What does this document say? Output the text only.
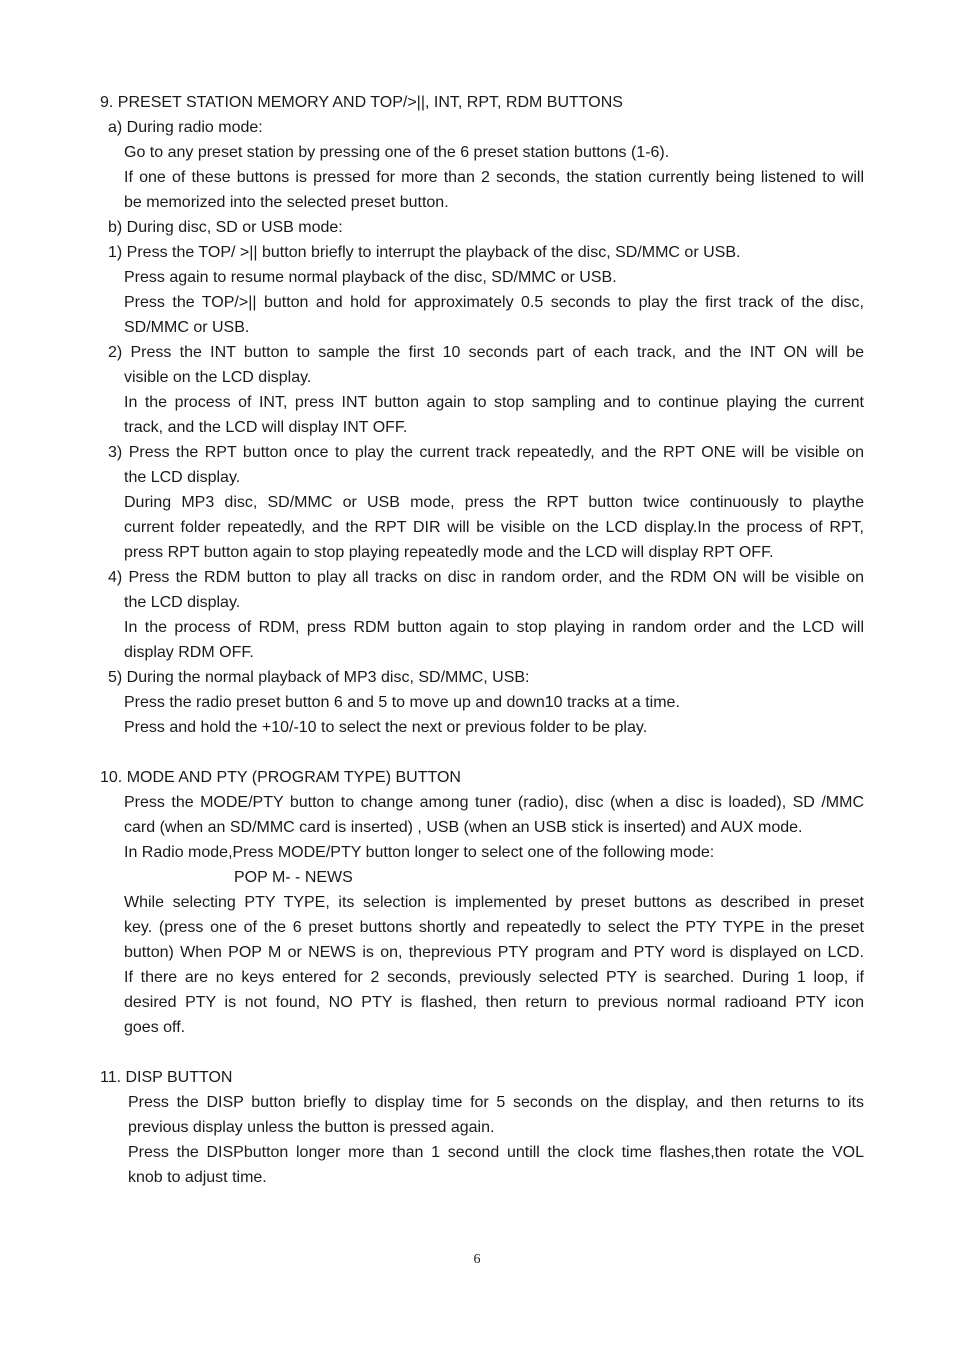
9. PRESET STATION MEMORY AND TOP/>||, INT, RPT, RDM BUTTONS
a) During radio mode:
Go to any preset station by pressing one of the 6 preset station buttons (1-6).
If one of these buttons is pressed for more than 2 seconds, the station currently being listened to will
be memorized into the selected preset button.
b) During disc, SD or USB mode:
1) Press the TOP/ >|| button briefly to interrupt the playback of the disc, SD/MMC or USB.
Press again to resume normal playback of the disc, SD/MMC or USB.
Press the TOP/>|| button and hold for approximately 0.5 seconds to play the first track of the disc,
SD/MMC or USB.
2) Press the INT button to sample the first 10 seconds part of each track, and the INT ON will be
visible on the LCD display.
In the process of INT, press INT button again to stop sampling and to continue playing the current
track, and the LCD will display INT OFF.
3) Press the RPT button once to play the current track repeatedly, and the RPT ONE will be visible on
the LCD display.
During MP3 disc, SD/MMC or USB mode, press the RPT button twice continuously to playthe
current folder repeatedly, and the RPT DIR will be visible on the LCD display.In the process of RPT,
press RPT button again to stop playing repeatedly mode and the LCD will display RPT OFF.
4) Press the RDM button to play all tracks on disc in random order, and the RDM ON will be visible on
the LCD display.
In the process of RDM, press RDM button again to stop playing in random order and the LCD will
display RDM OFF.
5) During the normal playback of MP3 disc, SD/MMC, USB:
Press the radio preset button 6 and 5 to move up and down10 tracks at a time.
Press and hold the +10/-10 to select the next or previous folder to be play.
10. MODE AND PTY (PROGRAM TYPE) BUTTON
Press the MODE/PTY button to change among tuner (radio), disc (when a disc is loaded), SD /MMC
card (when an SD/MMC card is inserted) , USB (when an USB stick is inserted) and AUX mode.
In Radio mode,Press MODE/PTY button longer to select one of the following mode:
POP M- - NEWS
While selecting PTY TYPE, its selection is implemented by preset buttons as described in preset
key. (press one of the 6 preset buttons shortly and repeatedly to select the PTY TYPE in the preset
button) When POP M or NEWS is on, theprevious PTY program and PTY word is displayed on LCD.
If there are no keys entered for 2 seconds, previously selected PTY is searched. During 1 loop, if
desired PTY is not found, NO PTY is flashed, then return to previous normal radioand PTY icon
goes off.
11. DISP BUTTON
Press the DISP button briefly to display time for 5 seconds on the display, and then returns to its
previous display unless the button is pressed again.
Press the DISPbutton longer more than 1 second untill the clock time flashes,then rotate the VOL
knob to adjust time.
6
